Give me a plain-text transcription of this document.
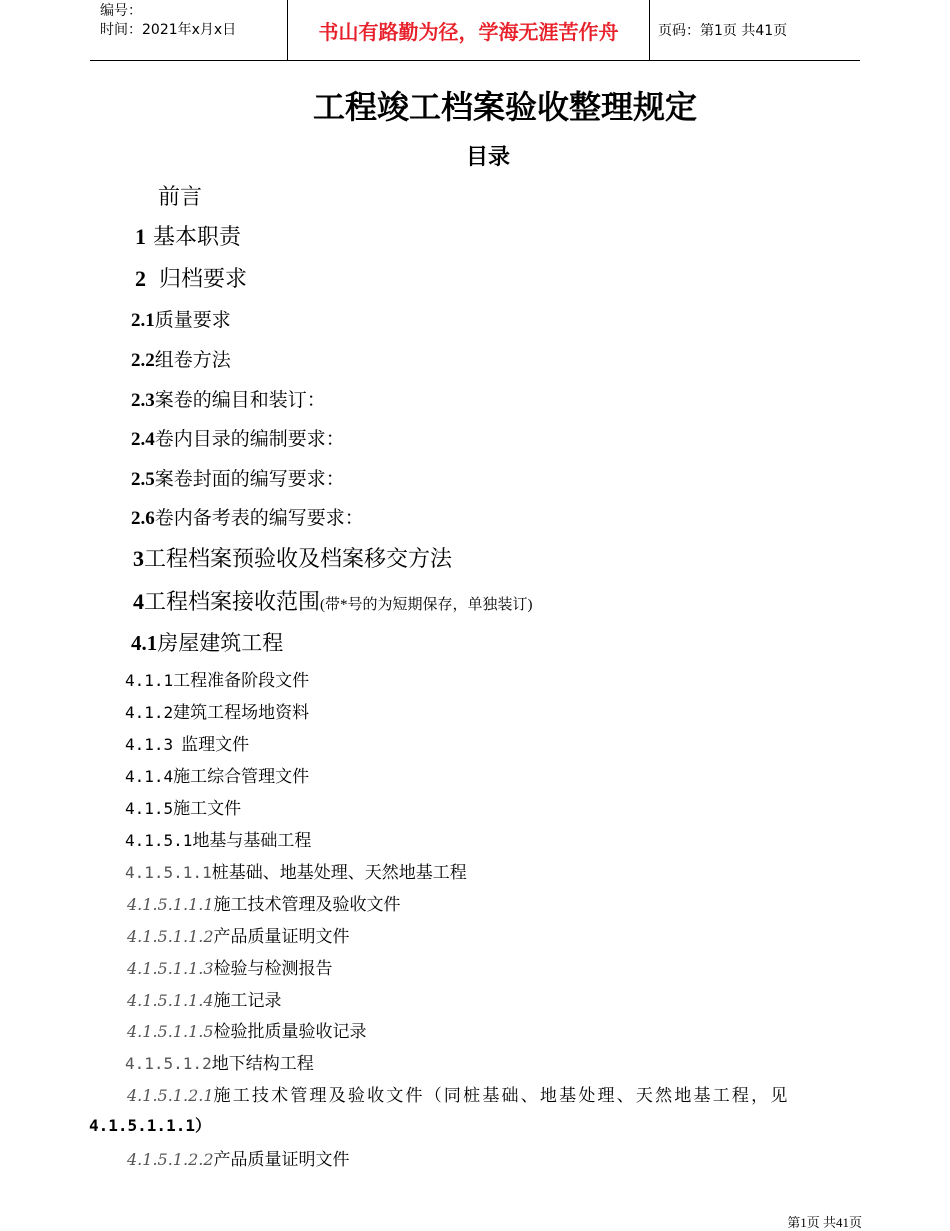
编号：
时间：2021年x月x日	书山有路勤为径，学海无涯苦作舟	页码：第1页 共41页
工程竣工档案验收整理规定
目录
前言
1 基本职责
2 归档要求
2.1质量要求
2.2组卷方法
2.3案卷的编目和装订：
2.4卷内目录的编制要求：
2.5案卷封面的编写要求：
2.6卷内备考表的编写要求：
3工程档案预验收及档案移交方法
4工程档案接收范围(带*号的为短期保存，单独装订)
4.1房屋建筑工程
4.1.1工程准备阶段文件
4.1.2建筑工程场地资料
4.1.3 监理文件
4.1.4施工综合管理文件
4.1.5施工文件
4.1.5.1地基与基础工程
4.1.5.1.1桩基础、地基处理、天然地基工程
4.1.5.1.1.1施工技术管理及验收文件
4.1.5.1.1.2产品质量证明文件
4.1.5.1.1.3检验与检测报告
4.1.5.1.1.4施工记录
4.1.5.1.1.5检验批质量验收记录
4.1.5.1.2地下结构工程
4.1.5.1.2.1施工技术管理及验收文件（同桩基础、地基处理、天然地基工程，见
4.1.5.1.1.1）
4.1.5.1.2.2产品质量证明文件
第1页 共41页
